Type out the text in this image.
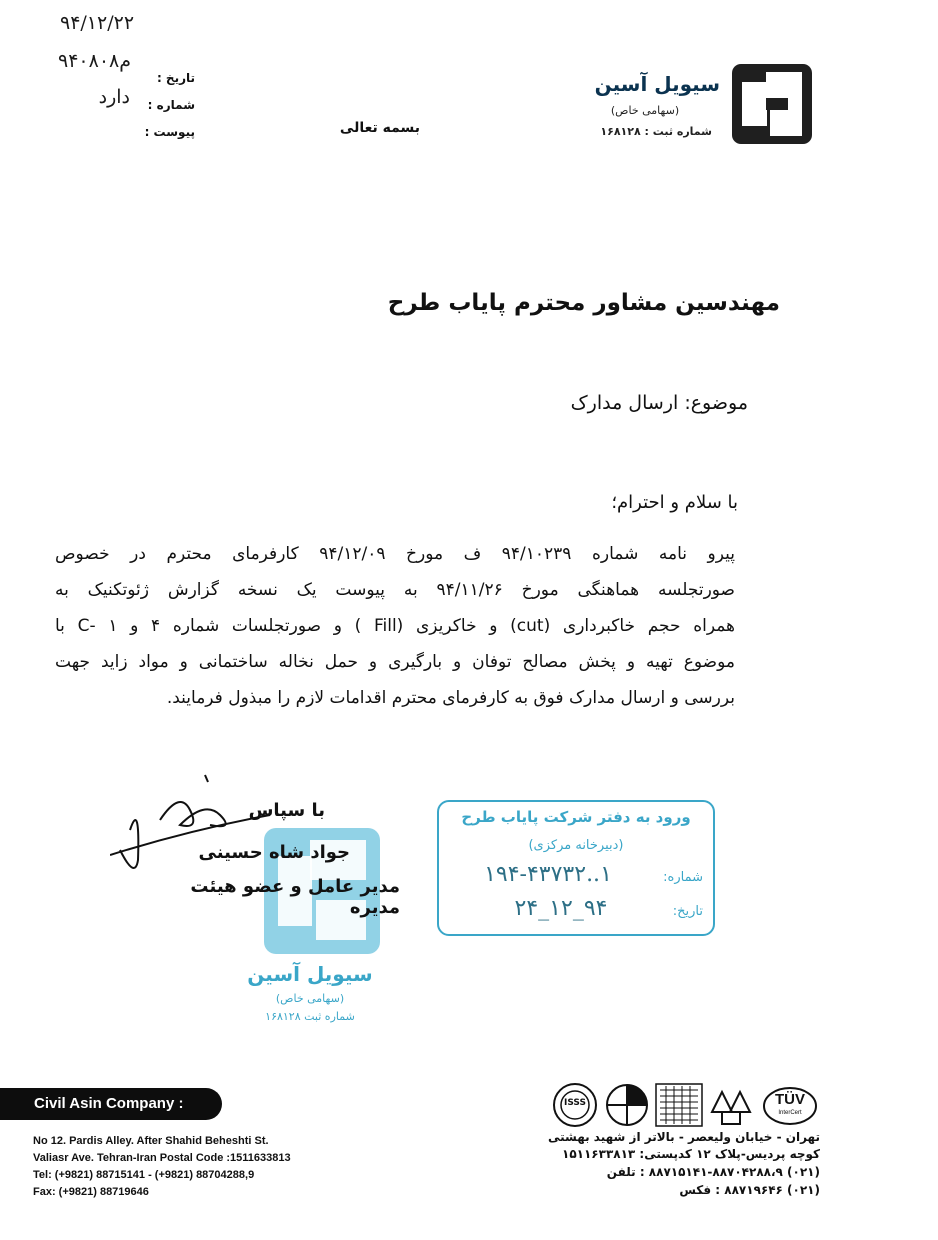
۹۴/۱۲/۲۲
۹۴۰۸۰۸م
دارد
تاریخ :
شماره :
پیوست :	بسمه تعالی
سیویل آسین
(سهامی خاص)
شماره ثبت : ۱۶۸۱۲۸
مهندسین مشاور محترم پایاب طرح
موضوع: ارسال مدارک
با سلام و احترام؛
پیرو نامه شماره ۹۴/۱۰۲۳۹ ف مورخ ۹۴/۱۲/۰۹ کارفرمای محترم در خصوص
صورتجلسه هماهنگی مورخ ۹۴/۱۱/۲۶ به پیوست یک نسخه گزارش ژئوتکنیک به
همراه حجم خاکبرداری (cut) و خاکریزی (Fill ) و صورتجلسات شماره ۴ و ۱ -C با
موضوع تهیه و پخش مصالح توفان و بارگیری و حمل نخاله ساختمانی و مواد زاید جهت
بررسی و ارسال مدارک فوق به کارفرمای محترم اقدامات لازم را مبذول فرمایند.
سیویل آسین
(سهامی خاص)
شماره ثبت ۱۶۸۱۲۸
با سپاس
جواد شاه حسینی
مدیر عامل و عضو هیئت مدیره
ورود به دفتر شرکت پایاب طرح
(دبیرخانه مرکزی)
شماره:
۱..۱۹۴-۴۳۷۳۲
تاریخ:
۹۴_۱۲_۲۴
Civil Asin Company :
No 12. Pardis Alley. After Shahid Beheshti St.
Valiasr Ave. Tehran-Iran Postal Code :1511633813
Tel: (+9821) 88715141 - (+9821) 88704288,9
Fax: (+9821) 88719646
ISSS	TÜV
InterCert
تهران - خیابان ولیعصر - بالاتر از شهید بهشتی
کوچه پردیس-پلاک ۱۲ کدپستی: ۱۵۱۱۶۳۳۸۱۳
(۰۲۱) ۸۸۷۱۵۱۴۱-۸۸۷۰۴۲۸۸،۹ : تلفن
(۰۲۱) ۸۸۷۱۹۶۴۶ : فکس
